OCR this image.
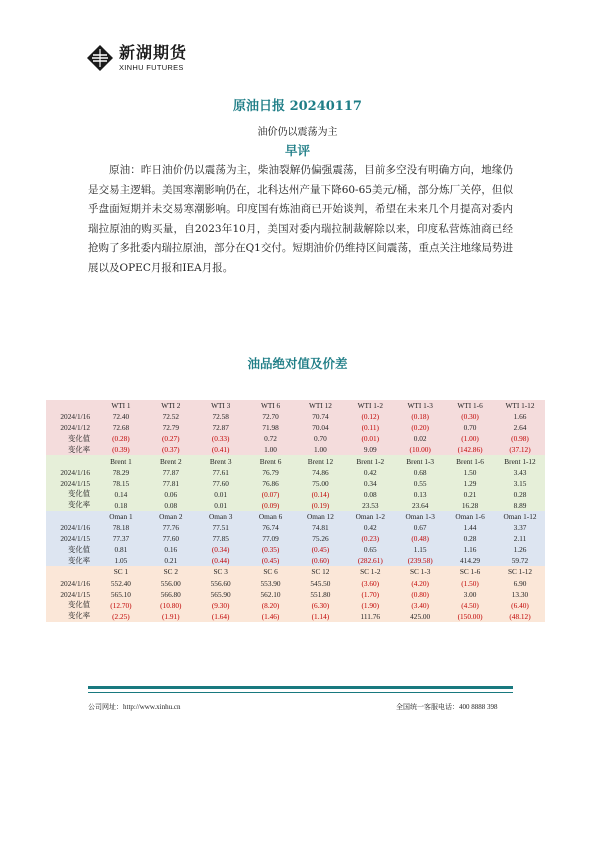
新湖期货
XINHU FUTURES
原油日报 20240117
油价仍以震荡为主
早评

原油：昨日油价仍以震荡为主，柴油裂解仍偏强震荡，目前多空没有明确方向，地缘仍是交易主逻辑。美国寒潮影响仍在，北科达州产量下降60-65美元/桶，部分炼厂关停，但似乎盘面短期并未交易寒潮影响。印度国有炼油商已开始谈判，希望在未来几个月提高对委内瑞拉原油的购买量，自2023年10月，美国对委内瑞拉制裁解除以来，印度私营炼油商已经抢购了多批委内瑞拉原油，部分在Q1交付。短期油价仍维持区间震荡，重点关注地缘局势进展以及OPEC月报和IEA月报。

油品绝对值及价差
	WTI 1	WTI 2	WTI 3	WTI 6	WTI 12	WTI 1-2	WTI 1-3	WTI 1-6	WTI 1-12
2024/1/16	72.40	72.52	72.58	72.70	70.74	(0.12)	(0.18)	(0.30)	1.66
2024/1/12	72.68	72.79	72.87	71.98	70.04	(0.11)	(0.20)	0.70	2.64
变化值	(0.28)	(0.27)	(0.33)	0.72	0.70	(0.01)	0.02	(1.00)	(0.98)
变化率	(0.39)	(0.37)	(0.41)	1.00	1.00	9.09	(10.00)	(142.86)	(37.12)
	Brent 1	Brent 2	Brent 3	Brent 6	Brent 12	Brent 1-2	Brent 1-3	Brent 1-6	Brent 1-12
2024/1/16	78.29	77.87	77.61	76.79	74.86	0.42	0.68	1.50	3.43
2024/1/15	78.15	77.81	77.60	76.86	75.00	0.34	0.55	1.29	3.15
变化值	0.14	0.06	0.01	(0.07)	(0.14)	0.08	0.13	0.21	0.28
变化率	0.18	0.08	0.01	(0.09)	(0.19)	23.53	23.64	16.28	8.89
	Oman 1	Oman 2	Oman 3	Oman 6	Oman 12	Oman 1-2	Oman 1-3	Oman 1-6	Oman 1-12
2024/1/16	78.18	77.76	77.51	76.74	74.81	0.42	0.67	1.44	3.37
2024/1/15	77.37	77.60	77.85	77.09	75.26	(0.23)	(0.48)	0.28	2.11
变化值	0.81	0.16	(0.34)	(0.35)	(0.45)	0.65	1.15	1.16	1.26
变化率	1.05	0.21	(0.44)	(0.45)	(0.60)	(282.61)	(239.58)	414.29	59.72
	SC 1	SC 2	SC 3	SC 6	SC 12	SC 1-2	SC 1-3	SC 1-6	SC 1-12
2024/1/16	552.40	556.00	556.60	553.90	545.50	(3.60)	(4.20)	(1.50)	6.90
2024/1/15	565.10	566.80	565.90	562.10	551.80	(1.70)	(0.80)	3.00	13.30
变化值	(12.70)	(10.80)	(9.30)	(8.20)	(6.30)	(1.90)	(3.40)	(4.50)	(6.40)
变化率	(2.25)	(1.91)	(1.64)	(1.46)	(1.14)	111.76	425.00	(150.00)	(48.12)
公司网址：http://www.xinhu.cn	全国统一客服电话：400 8888 398
